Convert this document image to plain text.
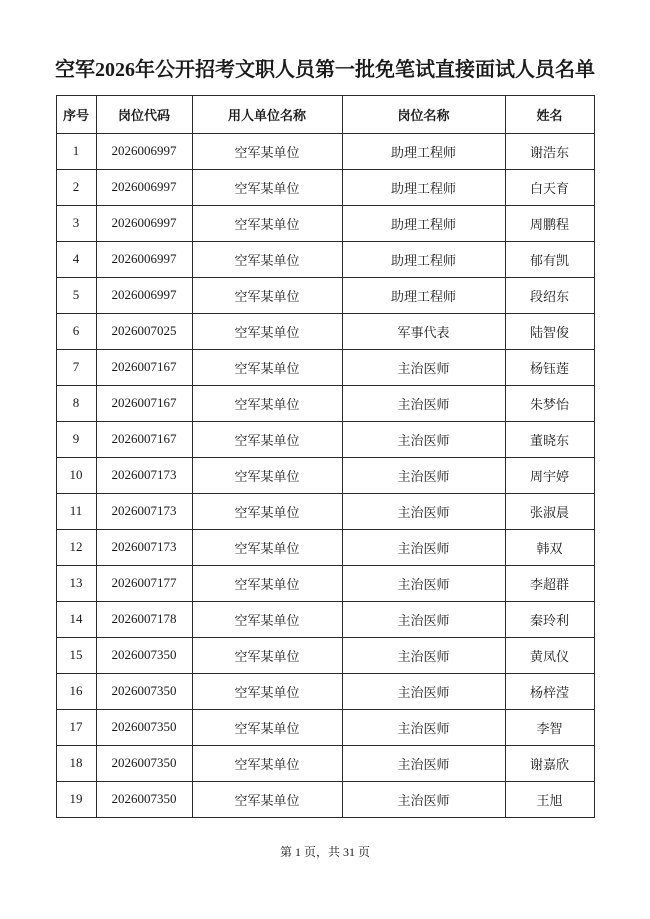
空军2026年公开招考文职人员第一批免笔试直接面试人员名单
序号	岗位代码	用人单位名称	岗位名称	姓名
1	2026006997	空军某单位	助理工程师	谢浩东
2	2026006997	空军某单位	助理工程师	白天育
3	2026006997	空军某单位	助理工程师	周鹏程
4	2026006997	空军某单位	助理工程师	郁有凯
5	2026006997	空军某单位	助理工程师	段绍东
6	2026007025	空军某单位	军事代表	陆智俊
7	2026007167	空军某单位	主治医师	杨钰莲
8	2026007167	空军某单位	主治医师	朱梦怡
9	2026007167	空军某单位	主治医师	董晓东
10	2026007173	空军某单位	主治医师	周宇婷
11	2026007173	空军某单位	主治医师	张淑晨
12	2026007173	空军某单位	主治医师	韩双
13	2026007177	空军某单位	主治医师	李超群
14	2026007178	空军某单位	主治医师	秦玲利
15	2026007350	空军某单位	主治医师	黄凤仪
16	2026007350	空军某单位	主治医师	杨梓滢
17	2026007350	空军某单位	主治医师	李智
18	2026007350	空军某单位	主治医师	谢嘉欣
19	2026007350	空军某单位	主治医师	王旭
第 1 页，共 31 页
